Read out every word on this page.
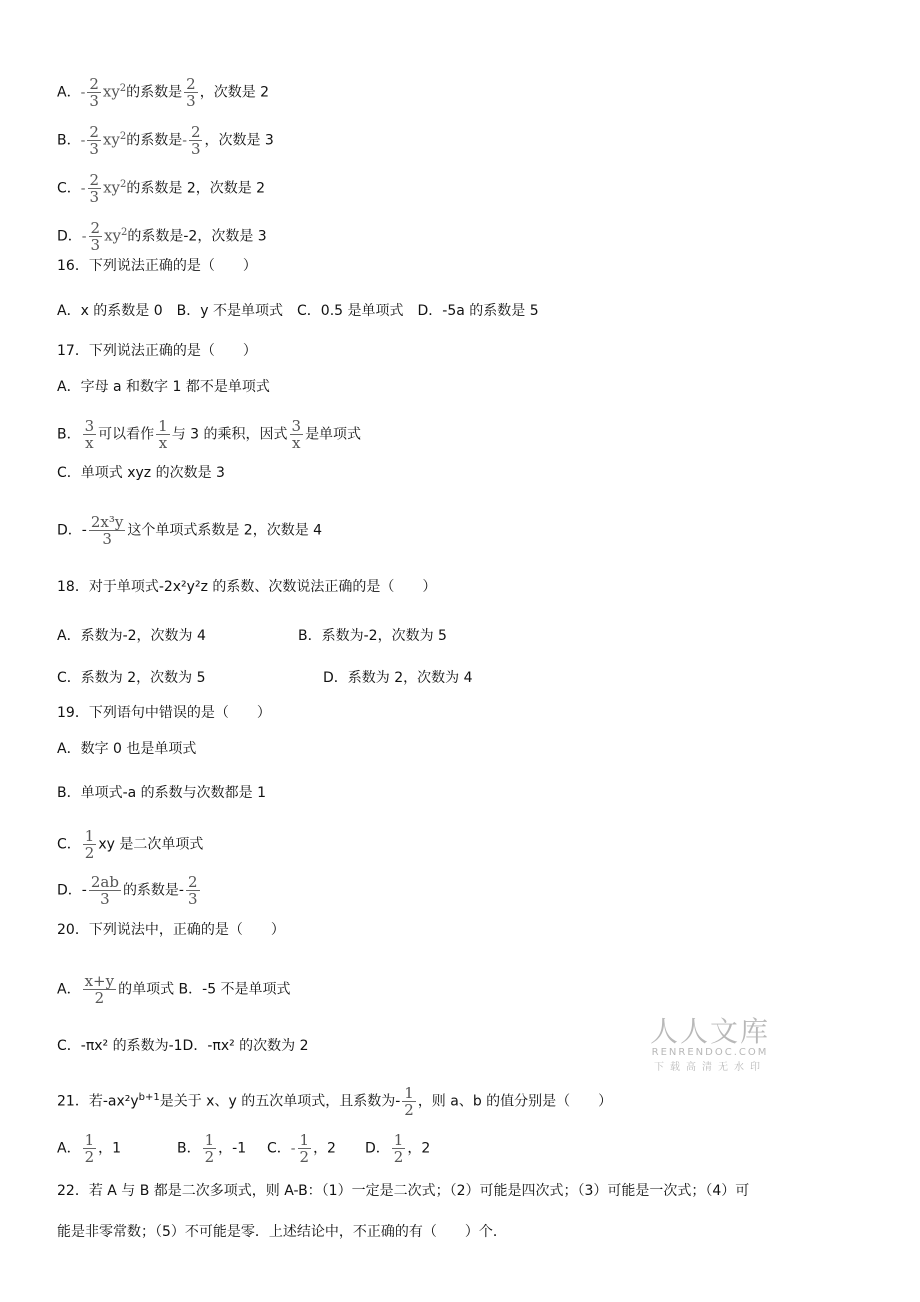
A．- $\frac{2}{3} xy^2$的系数是 $\frac{2}{3}$ ，次数是 2
B．- $\frac{2}{3} xy^2$的系数是- $\frac{2}{3}$ ，次数是 3
C．- $\frac{2}{3} xy^2$的系数是 2，次数是 2
D．- $\frac{2}{3} xy^2$的系数是-2，次数是 3
16．下列说法正确的是（　　）
A．x 的系数是 0　B．y 不是单项式　C．0.5 是单项式　D．-5a 的系数是 5
17．下列说法正确的是（　　）
A．字母 a 和数字 1 都不是单项式
B． $\frac{3}{x}$ 可以看作 $\frac{1}{x}$ 与 3 的乘积，因式 $\frac{3}{x}$ 是单项式
C．单项式 xyz 的次数是 3
D．- $\frac{\text{2x³y}}{3}$ 这个单项式系数是 2，次数是 4
18．对于单项式-2x²y²z 的系数、次数说法正确的是（　　）
A．系数为-2，次数为 4	B．系数为-2，次数为 5
C．系数为 2，次数为 5	D．系数为 2，次数为 4
19．下列语句中错误的是（　　）
A．数字 0 也是单项式
B．单项式-a 的系数与次数都是 1
C． $\frac{1}{2}$ xy 是二次单项式
D．- $\frac{2ab}{3}$ 的系数是- $\frac{2}{3}$
20．下列说法中，正确的是（　　）
A． $\frac{x+y}{2}$ 的单项式 B．-5 不是单项式
C．-πx² 的系数为-1D．-πx² 的次数为 2
21．若$-ax^2y^{b+1}$是关于 x、y 的五次单项式，且系数为- $\frac{1}{2}$ ，则 a、b 的值分别是（　　）
A． $\frac{1}{2}$ ，1	B． $\frac{1}{2}$ ，-1 C．- $\frac{1}{2}$ ，2 D． $\frac{1}{2}$ ，2
22．若 A 与 B 都是二次多项式，则 A-B：（1）一定是二次式；（2）可能是四次式；（3）可能是一次式；（4）可
能是非零常数；（5）不可能是零．上述结论中，不正确的有（　　）个．
人人文库
RENRENDOC.COM
下载高清无水印
